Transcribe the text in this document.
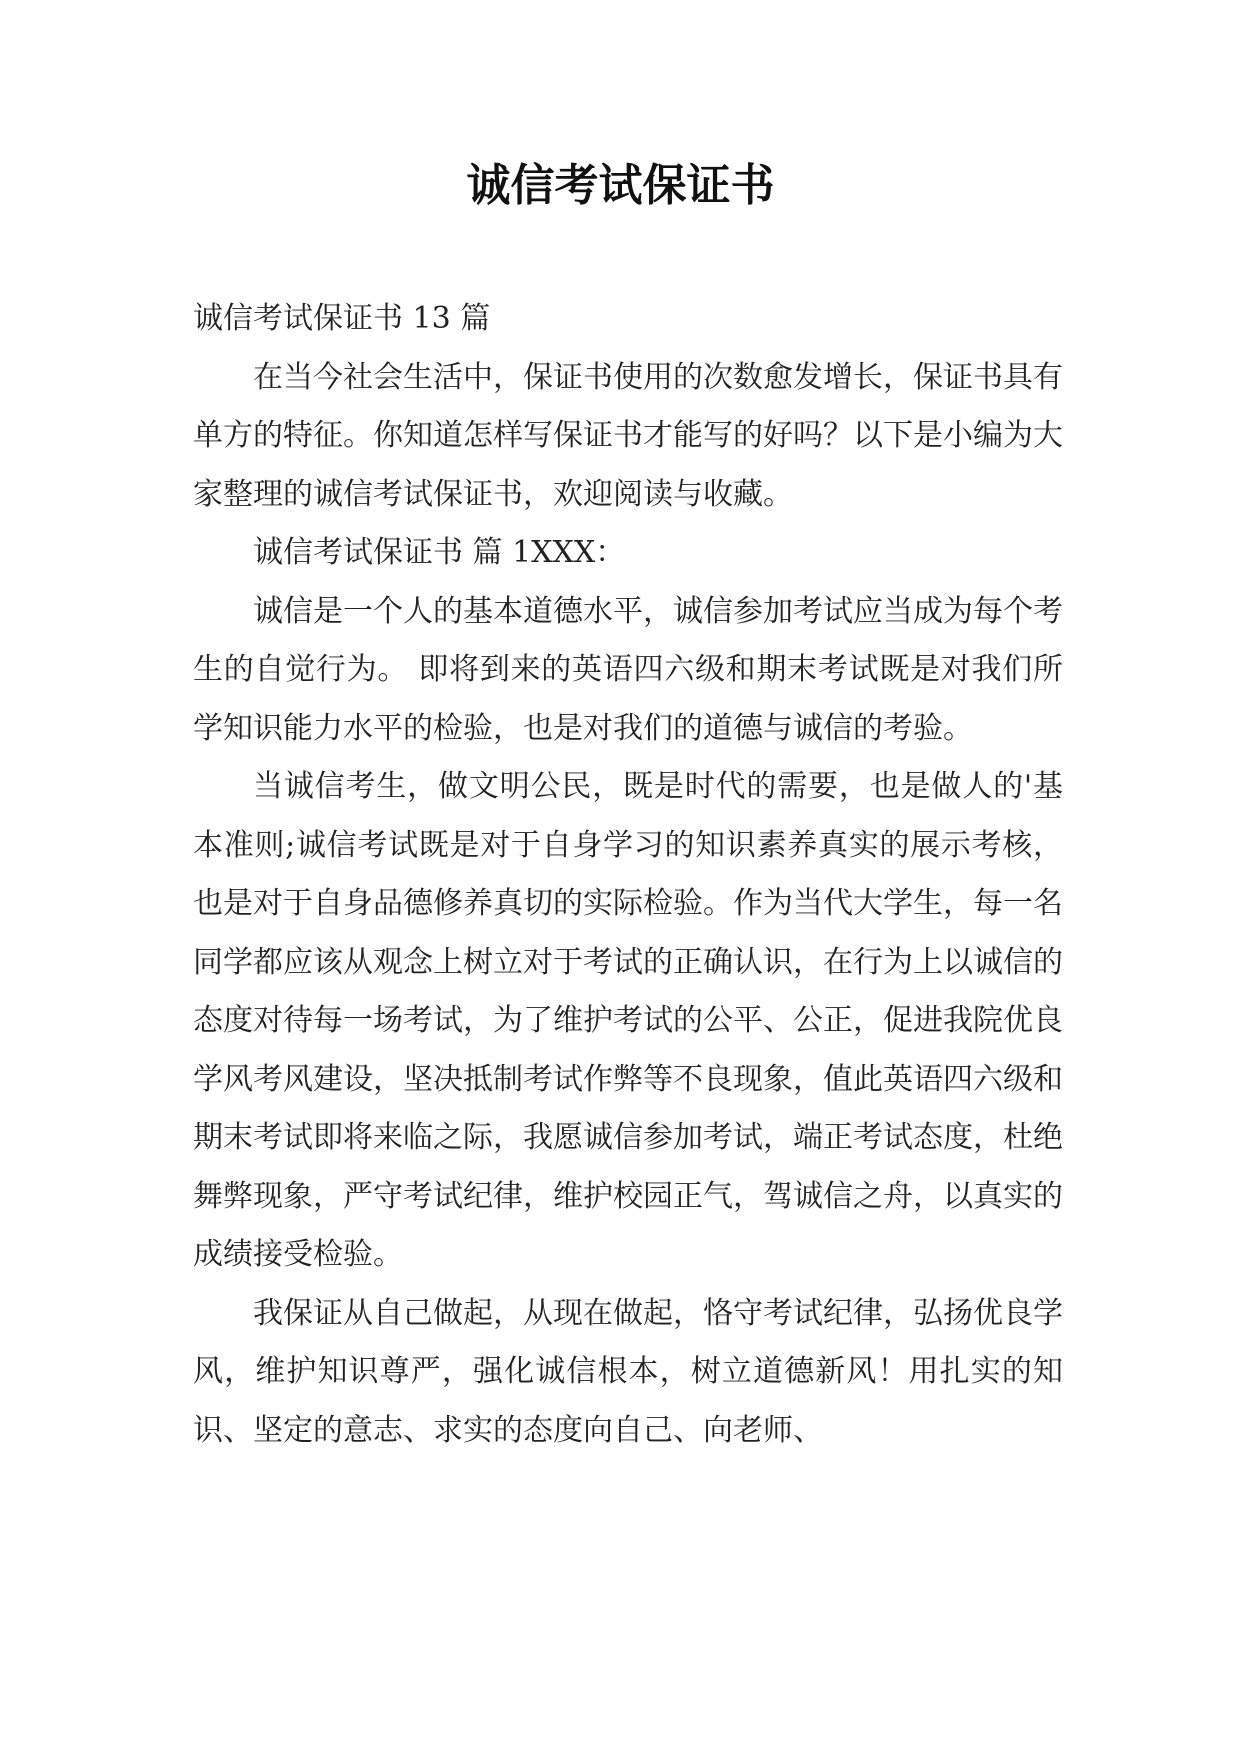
诚信考试保证书

诚信考试保证书 13 篇

在当今社会生活中，保证书使用的次数愈发增长，保证书具有单方的特征。你知道怎样写保证书才能写的好吗？以下是小编为大家整理的诚信考试保证书，欢迎阅读与收藏。

诚信考试保证书 篇 1XXX：

诚信是一个人的基本道德水平，诚信参加考试应当成为每个考生的自觉行为。 即将到来的英语四六级和期末考试既是对我们所学知识能力水平的检验，也是对我们的道德与诚信的考验。

当诚信考生，做文明公民，既是时代的需要，也是做人的'基本准则;诚信考试既是对于自身学习的知识素养真实的展示考核，也是对于自身品德修养真切的实际检验。作为当代大学生，每一名同学都应该从观念上树立对于考试的正确认识，在行为上以诚信的态度对待每一场考试，为了维护考试的公平、公正，促进我院优良学风考风建设，坚决抵制考试作弊等不良现象，值此英语四六级和期末考试即将来临之际，我愿诚信参加考试，端正考试态度，杜绝舞弊现象，严守考试纪律，维护校园正气，驾诚信之舟，以真实的成绩接受检验。

我保证从自己做起，从现在做起，恪守考试纪律，弘扬优良学风，维护知识尊严，强化诚信根本，树立道德新风！用扎实的知识、坚定的意志、求实的态度向自己、向老师、
